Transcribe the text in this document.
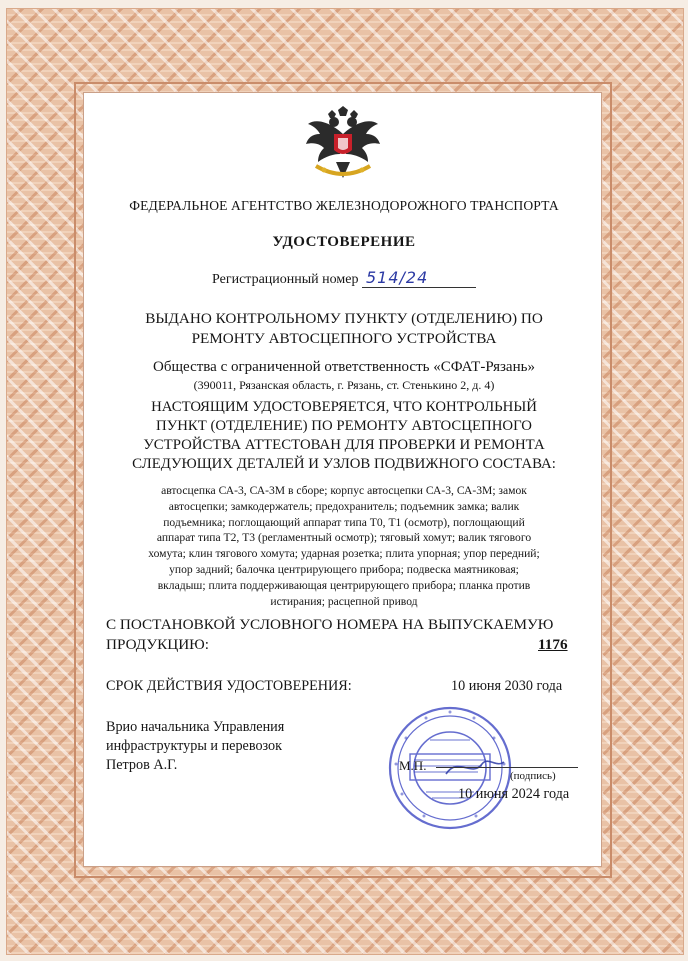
ФЕДЕРАЛЬНОЕ АГЕНТСТВО ЖЕЛЕЗНОДОРОЖНОГО ТРАНСПОРТА
УДОСТОВЕРЕНИЕ
Регистрационный номер 514/24
ВЫДАНО КОНТРОЛЬНОМУ ПУНКТУ (ОТДЕЛЕНИЮ) ПО
РЕМОНТУ АВТОСЦЕПНОГО УСТРОЙСТВА
Общества с ограниченной ответственность «СФАТ-Рязань»
(390011, Рязанская область, г. Рязань, ст. Стенькино 2, д. 4)
НАСТОЯЩИМ УДОСТОВЕРЯЕТСЯ, ЧТО КОНТРОЛЬНЫЙ
ПУНКТ (ОТДЕЛЕНИЕ) ПО РЕМОНТУ АВТОСЦЕПНОГО
УСТРОЙСТВА АТТЕСТОВАН ДЛЯ ПРОВЕРКИ И РЕМОНТА
СЛЕДУЮЩИХ ДЕТАЛЕЙ И УЗЛОВ ПОДВИЖНОГО СОСТАВА:
автосцепка СА-3, СА-3М в сборе; корпус автосцепки СА-3, СА-3М; замок
автосцепки; замкодержатель; предохранитель; подъемник замка; валик
подъемника; поглощающий аппарат типа Т0, Т1 (осмотр), поглощающий
аппарат типа Т2, Т3 (регламентный осмотр); тяговый хомут; валик тягового
хомута; клин тягового хомута; ударная розетка; плита упорная; упор передний;
упор задний; балочка центрирующего прибора; подвеска маятниковая;
вкладыш; плита поддерживающая центрирующего прибора; планка против
истирания; расцепной привод
С ПОСТАНОВКОЙ УСЛОВНОГО НОМЕРА НА ВЫПУСКАЕМУЮ
ПРОДУКЦИЮ:	1176
СРОК ДЕЙСТВИЯ УДОСТОВЕРЕНИЯ:	10 июня 2030 года
Врио начальника Управления
инфраструктуры и перевозок
Петров А.Г.	М.П.
(подпись)
10 июня 2024 года
